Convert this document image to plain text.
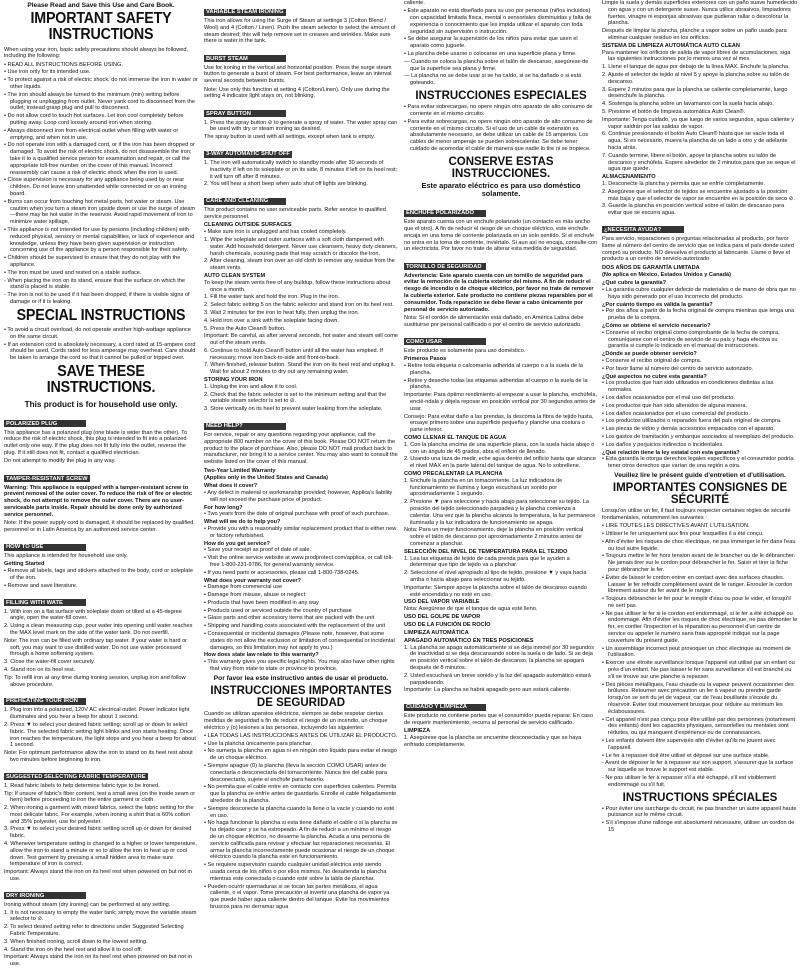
Please Read and Save this Use and Care Book.
IMPORTANT SAFETY INSTRUCTIONS
When using your iron, basic safety precautions should always be followed, including the following:
• READ ALL INSTRUCTIONS BEFORE USING.
• Use iron only for its intended use.
• To protect against a risk of electric shock, do not immerse the iron in water or other liquids.
• The iron should always be turned to the minimum (min) setting before plugging or unplugging from outlet. Never yank cord to disconnect from the outlet; instead grasp plug and pull to disconnect.
• Do not allow cord to touch hot surfaces. Let iron cool completely before putting away. Loop cord loosely around iron when storing.
• Always disconnect iron from electrical outlet when filling with water or emptying, and when not in use.
• Do not operate iron with a damaged cord, or if the iron has been dropped or damaged. To avoid the risk of electric shock, do not disassemble the iron; take it to a qualified service person for examination and repair, or call the appropriate toll-free number on the cover of this manual. Incorrect reassembly can cause a risk of electric shock when the iron is used.
• Close supervision is necessary for any appliance being used by or near children. Do not leave iron unattended while connected or on an ironing board.
• Burns can occur from touching hot metal parts, hot water or steam. Use caution when you turn a steam iron upside down or use the surge of steam—there may be hot water in the reservoir. Avoid rapid movement of iron to minimize water spillage.
• This appliance is not intended for use by persons (including children) with reduced physical, sensory or mental capabilities, or lack of experience and knowledge, unless they have been given supervision or instruction concerning use of the appliance by a person responsible for their safety.
• Children should be supervised to ensure that they do not play with the appliance.
• The iron must be used and rested on a stable surface.
- When placing the iron on its stand, ensure that the surface on which the stand is placed is stable.
- The iron is not to be used if it has been dropped, if there is visible signs of damage or if it is leaking.
SPECIAL INSTRUCTIONS
• To avoid a circuit overload, do not operate another high-wattage appliance on the same circuit.
• If an extension cord is absolutely necessary, a cord rated at 15-ampere cord should be used. Cords rated for less amperage may overheat. Care should be taken to arrange the cord so that it cannot be pulled or tripped over.
SAVE THESE INSTRUCTIONS.
This product is for household use only.
POLARIZED PLUG
This appliance has a polarized plug (one blade is wider than the other). To reduce the risk of electric shock, this plug is intended to fit into a polarized outlet only one way. If the plug does not fit fully into the outlet, reverse the plug. If it still does not fit, contact a qualified electrician.
Do not attempt to modify the plug in any way.
TAMPER-RESISTANT SCREW
Warning: This appliance is equipped with a tamper-resistant screw to prevent removal of the outer cover. To reduce the risk of fire or electric shock, do not attempt to remove the outer cover. There are no user-serviceable parts inside. Repair should be done only by authorized service personnel.
Note: If the power supply cord is damaged, it should be replaced by qualified personnel or in Latin America by an authorized service center.
HOW TO USE
This appliance is intended for household use only.
Getting Started
• Remove all labels, tags and stickers attached to the body, cord or soleplate of the iron.
• Remove and save literature.
FILLING WITH WATE
1. With iron on a flat surface with soleplate down or tilted at a 45-degree angle, open the water-fill cover.
2. Using a clean measuring cup, pour water into opening until water reaches the MAX level mark on the side of the water tank. Do not overfill.
Note: The iron can be filled with ordinary tap water. If your water is hard or soft, you may want to use distilled water. Do not use water processed through a home softening system.
3. Close the water-fill cover securely.
4. Stand iron on its heel rest.
Tip: To refill iron at any time during ironing session, unplug iron and follow above procedure.
PREHEATING YOUR IRON
1. Plug iron into a polarized, 120V AC electrical outlet. Power indicator light illuminates and you hear a beep for about 1 second.
2. Press ▼ to select your desired fabric setting; scroll up or down to select fabric. The selected fabric setting light blinks and iron starts heating. Once iron reaches the temperature, the light stops and you hear a beep for about 1 second.
Note: For optimum performance allow the iron to stand on its heel rest about two minutes before beginning to iron.
SUGGESTED SELECTING FABRIC TEMPERATURE
1. Read fabric labels to help determine fabric type to be ironed.
Tip: If unsure of fabric's fiber content, test a small area (on the inside seam or hem) before proceeding to iron the entire garment or cloth.
2. When ironing a garment with mixed fabrics, select the fabric setting for the most delicate fabric. For example, when ironing a shirt that is 60% cotton and 35% polyester, use for polyester.
3. Press ▼ to select your desired fabric setting scroll up or down for desired fabric.
4. Whenever temperature setting is changed to a higher or lower temperature, allow the iron to stand a minute or so to allow the iron to heat up or cool down. Test garment by pressing a small hidden area to make sure temperature of iron is correct.
Important: Always stand the iron on its heel rest when powered on but not in use.
DRY IRONING
Ironing without steam (dry ironing) can be performed at any setting.
1. It is not necessary to empty the water tank; simply move the variable steam selector to ⊘.
2. To select desired setting refer to directions under Suggested Selecting Fabric Temperature.
3. When finished ironing, scroll down to the lowest setting.
4. Stand the iron on the heel rest and allow it to cool off.
Important: Always stand the iron on its heel rest when powered on but not in use.
VARIABLE STEAM IRONING
This iron allows for using the Surge of Steam at settings 3 (Cotton Blend / Wool) and 4 (Cotton / Linen). Push the steam selector to select the amount of steam desired; this will help remove set in creases and wrinkles. Make sure there is water in the tank.
BURST STEAM
Use for ironing in the vertical and horizontal position. Press the surge steam button to generate a burst of steam. For best performance, leave an interval several seconds between bursts.
Note: Use only this function at setting 4 (Cotton/Linen). Only use during the setting 4 indicator light stays on, not blinking.
SPRAY BUTTON
1. Press the spray button ⊘ to generate a spray of water. The water spray can be used with dry or steam ironing as desired.
The spray button is used with all settings, except when tank is empty.
3-WAY AUTOMATIC SHUT OFF
1. The iron will automatically switch to standby mode after 30 seconds of inactivity if left on its soleplate or on its side, 8 minutes if left on its heel rest; it will turn off after 8 minutes.
2. You will hear a short beep when auto shut off lights are blinking.
CARE AND CLEANING
This product contains no user serviceable parts. Refer service to qualified service personnel.
CLEANING OUTSIDE SURFACES
• Make sure iron is unplugged and has cooled completely.
1. Wipe the soleplate and outer surfaces with a soft cloth dampened with water. Add household detergent. Never use cleansers, heavy duty cleaners, harsh chemicals, scouring pads that may scratch or discolor the iron.
2. After cleaning, steam iron over an old cloth to remove any residue from the steam vents.
AUTO CLEAN SYSTEM
To keep the steam vents free of any buildup, follow these instructions about once a month.
1. Fill the water tank and hold the iron. Plug in the iron.
2. Select fabric setting 5 on the fabric selector and stand iron on its heel rest.
3. Wait 2 minutes for the iron to heat fully, then unplug the iron.
4. Hold iron over a sink with the soleplate facing down.
5. Press the Auto Clean® button.
Important: Be careful, as after several seconds, hot water and steam will come out of the steam vents.
6. Continue to hold Auto Clean® button until all the water has emptied. If necessary, move iron back-to-side and front-to-back.
7. When finished, release button. Stand the iron on its heel rest and unplug it. Wait for about 2 minutes to dry out any remaining water.
STORING YOUR IRON
1. Unplug the iron and allow it to cool.
2. Check that the fabric selector is set to the minimum setting and that the variable steam selector is set to ⊘.
3. Store vertically on its heel to prevent water leaking from the soleplate.
NEED HELP?
For service, repair or any questions regarding your appliance, call the appropriate 800 number on the cover of this book. Please DO NOT return the product to the place of purchase. Also, please DO NOT mail product back to manufacturer, nor bring it to a service center. You may also want to consult the website listed on the cover of this manual.
Two-Year Limited Warranty
(Applies only in the United States and Canada)
What does it cover?
• Any defect in material or workmanship provided; however, Applica's liability will not exceed the purchase price of product.
For how long?
• Two years from the date of original purchase with proof of such purchase.
What will we do to help you?
• Provide you with a reasonably similar replacement product that is either new or factory refurbished.
How do you get service?
• Save your receipt as proof of date of sale.
• Visit the online service website at www.prodprotect.com/applica, or call toll-free 1-800-231-9786, for general warranty service.
• If you need parts or accessories, please call 1-800-738-0245.
What does your warranty not cover?
• Damage from commercial use
• Damage from misuse, abuse or neglect
• Products that have been modified in any way
• Products used or serviced outside the country of purchase
• Glass parts and other accessory items that are packed with the unit
• Shipping and handling costs associated with the replacement of the unit
• Consequential or incidental damages (Please note, however, that some states do not allow the exclusion or limitation of consequential or incidental damages, so this limitation may not apply to you.)
How does state law relate to this warranty?
• This warranty gives you specific legal rights. You may also have other rights that vary from state to state or province to province.
Por favor lea este instructivo antes de usar el producto.
INSTRUCCIONES IMPORTANTES DE SEGURIDAD
Cuando se utilizan aparatos eléctricos, siempre se debe respetar ciertas medidas de seguridad a fin de reducir el riesgo de un incendio, un choque eléctrico y (o) lesiones a las personas, incluyendo las siguientes:
• LEA TODAS LAS INSTRUCCIONES ANTES DE UTILIZAR EL PRODUCTO.
• Use la plancha únicamente para planchar.
• No sumerja la plancha en agua ni en ningún otro líquido para evitar el riesgo de un choque eléctrico.
• Siempre apague (0) la plancha (lleva la sección COMO USAR) antes de conectarla o desconectarla del tomacorriente. Nunca tire del cable para desconectarlo, sujete el enchufe para hacerlo.
• No permita que el cable entre en contacto con superficies calientes. Permita que la plancha se enfríe antes de guardarla. Enrolle el cable holgadamente alrededor de la plancha.
• Siempre desconecte la plancha cuando la llene o la vacíe y cuando no esté en uso.
• No haga funcionar la plancha si esta tiene dañado el cable o si la plancha se ha dejado caer y se ha estropeado. A fin de reducir a un mínimo el riesgo de un choque eléctrico, no desarme la plancha. Acuda a una persona de servicio calificada para revisar y efectuar las reparaciones necesarias. El armar la plancha incorrectamente puede ocasionar el riesgo de un choque eléctrico cuando la plancha este en funcionamiento.
• Se requiere supervisión cuando cualquier unidad eléctrica esté siendo usada cerca de los niños o por ellos mismos. No desatienda la plancha mientras este conectada o cuando esté sobre la tabla de planchar.
• Pueden ocurrir quemaduras si se tocan las partes metálicas, el agua caliente, o el vapor. Tome precaución al invertir una plancha de vapor ya que puede haber agua caliente dentro del tanque. Evite los movimientos bruscos para no derramar agua
caliente.
• Este aparato no está diseñado para su uso por personas (niños incluidos) con capacidad limitada física, mental o sensoriales disminuidas y falta de experiencia o conocimiento que les impida utilizar el aparato con toda seguridad sin supervisión o instrucción.
• Se debe asegurar la supervisión de los niños para evitar que usen el aparato como juguete.
• La plancha debe usarse o colocarse en una superficie plana y firme.
— Cuando se coloca la plancha sobre el talón de descanso, asegúrese de que la superficie sea plana y firme.
— La plancha no se debe usar si se ha caído, si se ha dañado o si está goteando.
INSTRUCCIONES ESPECIALES
• Para evitar sobrecargas, no opere ningún otro aparato de alto consumo de corriente en el mismo circuito.
• Para evitar sobrecargas, no opere ningún otro aparato de alto consumo de corriente en el mismo circuito. Si el uso de un cable de extensión es absolutamente necesario, se debe utilizar un cable de 15 amperios. Los cables de menor amperaje se pueden sobrecalentar. Se debe tener cuidado de acomodar el cable de manera que nadie lo tire ni se tropiece.
CONSERVE ESTAS INSTRUCCIONES.
Este aparato eléctrico es para uso doméstico solamente.
ENCHUFE POLARIZADO
Este aparato cuenta con un enchufe polarizado (un contacto es más ancho que el otro). A fin de reducir el riesgo de un choque eléctrico, este enchufe encaja en una toma de corriente polarizada en un solo sentido. Si el enchufe no entra en la toma de corriente, inviértalo. Si aun así no encaja, consulte con un electricista. Por favor no trate de alterar esta medida de seguridad.
TORNILLO DE SEGURIDAD
Advertencia: Este aparato cuenta con un tornillo de seguridad para evitar la remoción de la cubierta exterior del mismo. A fin de reducir el riesgo de incendio o de choque eléctrico, por favor no trate de remover la cubierta exterior. Este producto no contiene piezas reparables por el consumidor. Toda reparación se debe llevar a cabo únicamente por personal de servicio autorizado.
Nota: Si el cordón de alimentación está dañado, en América Latina debe sustituirse por personal calificado o por el centro de servicio autorizado.
COMO USAR
Este producto es solamente para uso doméstico.
Primeros Pasos
• Retire toda etiqueta o calcomanía adherida al cuerpo o a la suela de la plancha.
• Retire y deseche todas las etiquetas adheridas al cuerpo o la suela de la plancha.
Importante: Para óptimo rendimiento al empezar a usar la plancha, enchúfela, encié-ndala y déjela reposar en posición vertical por 30 segundos antes de usar.
Consejo: Para evitar daño a las prendas, la descoma la fibra de tejido hasta, ensaye primero sobre una superficie pequeña y planche una costura o parte inferior.
COMO LLENAR EL TANQUE DE AGUA
1. Con la plancha encima de una superficie plana, con la suela hacia abajo o con un ángulo de 45 grados, abra el orificio de llenado.
2. Usando una taza de medir, eche agua dentro del orificio hasta que alcance el nivel MAX en la parte lateral del tanque de agua. No lo sobrellene.
COMO PRECALENTAR LA PLANCHA
1. Enchufe la plancha en un tomacorriente. La luz indicadora de funcionamiento se ilumina y luego escuchará un sonido por aproximadamente 1 segundo.
2. Presione ▼ para seleccione y hacia abajo para seleccionar su tejido. La posición del tejido seleccionado parpadea y la plancha comienza a calentar. Una vez que la plancha alcanza la temperatura, la luz permanece iluminada y la luz indicadora de funcionamiento se apaga.
Nota: Para un mejor funcionamiento, deje la plancha en posición vertical sobre el talón de descanso por aproximadamente 2 minutos antes de comenzar a planchar.
SELECCIÓN DEL NIVEL DE TEMPERATURA PARA EL TEJIDO
1. Lea las etiquetas de tejido de cada prenda para que le ayuden a determinar que tipo de tejido va a planchar.
2. Seleccione el nivel apropiado al tipo de tejido, presione ▼ y vaya hacia arriba o hacia abajo para seleccionar su tejido.
Importante: Siempre apoye la plancha sobre el talón de descanso cuando esté encendida y no esté en uso.
USO DEL VAPOR VARIABLE
Nota: Asegúrese de que el tanque de agua esté lleno.
USO DEL GOLPE DE VAPOR
USO DE LA FUNCIÓN DE ROCÍO
LIMPIEZA AUTOMÁTICA
APAGADO AUTOMÁTICO EN TRES POSICIONES
1. La plancha se apaga automáticamente si se deja inmóvil por 30 segundos de inactividad si se deja descansando sobre la suela o de lado. Si se deja en posición vertical sobre el talón de descanso, la plancha se apagará después de 8 minutos.
2. Usted escuchará un breve sonido y la luz del apagado automático estará parpadeando.
Importante: La plancha se habrá apagado pero aun estará caliente.
CUIDADO Y LIMPIEZA
Este producto no contiene partes que el consumidor pueda reparar. En caso de requerir mantenimiento, recurra al personal de servicio calificado.
LIMPIEZA
1. Asegúrese que la plancha se encuentre desconectada y que se haya enfriado completamente.
Limpie la suela y demás superficies exteriores con un paño suave humedecido con agua y con un detergente suave. Nunca utilice abrasivos, limpiadores fuertes, vinagre ni esponjas abrasivas que pudieran rallar o descolorar la plancha.
Después de limpiar la plancha, planche a vapor sobre un paño usado para eliminar cualquier residuo en los orificios.
SISTEMA DE LIMPIEZA AUTOMÁTICA AUTO CLEAN
Para mantener los orificios de salida de vapor libres de acumulaciones, siga las siguientes instrucciones por lo menos una vez al mes.
1. Llene el tanque de agua por debajo de la línea MAX. Enchufe la plancha.
2. Ajuste el selector de tejido al nivel 5 y apoye la plancha sobre su talón de descanso.
3. Espere 2 minutos para que la plancha se caliente completamente, luego desenchufe la plancha.
4. Sostenga la plancha sobre un lavamanos con la suela hacia abajo.
5. Presione el botón de limpieza automática Auto Clean®.
Importante: Tenga cuidado, ya que luego de varios segundos, agua caliente y vapor saldrán por las salidas de vapor.
6. Continue presionando el botón Auto Clean® hasta que se vacíe toda el agua. Si es necesario, mueva la plancha de un lado a otro y de adelante hacia atrás.
7. Cuando termine, libere el botón, apoye la plancha sobre su talón de descanso y enchúfela. Espere alrededor de 2 minutos para que se seque el agua que quede.
ALMACENAMIENTO
1. Desconecte la plancha y permita que se enfríe completamente.
2. Asegúrese que el selector de tejidos se encuentre ajustado a la posición más baja y que el selector de vapor se encuentre en la posición de seco ⊘.
3. Guarde la plancha en posición vertical sobre el talón de descanso para evitar que se escurra agua.
¿NECESITA AYUDA?
Para servicio, reparaciones o preguntas relacionadas al producto, por favor llame al número del centro de servicio que se indica para el país donde usted compró su producto. NO devuelva el producto al fabricante. Llame o lleve el producto a un centro de servicio autorizado.
DOS AÑOS DE GARANTÍA LIMITADA
(No aplica en México, Estados Unidos y Canadá)
¿Qué cubre la garantía?
• La garantía cubre cualquier defecto de materiales o de mano de obra que no haya sido generado por el uso incorrecto del producto.
¿Por cuánto tiempo es válida la garantía?
• Por dos años a partir de la fecha original de compra mientras que tenga una prueba de la compra.
¿Cómo se obtiene el servicio necesario?
• Conserve el recibo original como comprobante de la fecha de compra, comuníquese con el centro de servicio de su país y haga efectiva su garantía si cumple lo indicado en el manual de instrucciones.
¿Dónde se puede obtener servicio?
• Conserve el recibo original de compra.
• Por favor llame al número del centro de servicio autorizado.
¿Qué aspectos no cubre esta garantía?
• Los productos que han sido utilizados en condiciones distintas a las normales.
• Los daños ocasionados por el mal uso del producto.
• Los productos que han sido alterados de alguna manera.
• Los daños ocasionados por el uso comercial del producto.
• Los productos utilizados o reparados fuera del país original de compra.
• Las piezas de vidrio y demás accesorios empacados con el aparato.
• Los gastos de tramitación y embarque asociados al reemplazo del producto.
• Los daños y perjuicios indirectos o incidentales.
¿Qué relación tiene la ley estatal con esta garantía?
• Esta garantía le otorga derechos legales específicos y el consumidor podría tener otros derechos que varían de una región a otra.
Veuillez lire le présent guide d'entretien et d'utilisation.
IMPORTANTES CONSIGNES DE SÉCURITÉ
Lorsqu'on utilise un fer, il faut toujours respecter certaines règles de sécurité fondamentales, notamment les suivantes :
• LIRE TOUTES LES DIRECTIVES AVANT L'UTILISATION.
• Utiliser le fer uniquement aux fins pour lesquelles il a été conçu.
• Afin d'éviter les risques de choc électrique, ne pas immerger le fer dans l'eau ou tout autre liquide.
• Toujours mettre le fer hors tension avant de le brancher ou de le débrancher. Ne jamais tirer sur le cordon pour débrancher le fer. Saisir et tirer la fiche pour débrancher le fer.
• Éviter de laisser le cordon entrer en contact avec des surfaces chaudes. Laisser le fer refroidir complètement avant de le ranger. Enrouler le cordon librement autour du fer avant de le ranger.
• Toujours débrancher le fer pour le remplir d'eau ou pour le vider, et lorsqu'il ne sert pas.
• Ne pas utiliser le fer si le cordon est endommagé, si le fer a été échappé ou endommagé. Afin d'éviter les risques de choc électrique, ne pas démonter le fer, en confier l'inspection et la réparation au personnel d'un centre de service ou appeler le numéro sans frais approprié indiqué sur la page couverture du présent guide.
• Un assemblage incorrect peut provoquer un choc électrique au moment de l'utilisation.
• Exercer une étroite surveillance lorsque l'appareil est utilisé par un enfant ou près d'un enfant. Ne pas laisser le fer sans surveillance s'il est branché ou s'il se trouve sur une planche à repasser.
• Des pièces métalliques, l'eau chaude ou la vapeur peuvent occasionner des brûlures. Retourner avec précaution un fer à vapeur ou prendre garde lorsqu'on se sert du jet de vapeur, car de l'eau bouillante s'écoule du réservoir. Éviter tout mouvement brusque pour réduire au minimum les éclaboussures.
• Cet appareil n'est pas conçu pour être utilisé par des personnes (notamment des enfants) dont les capacités physiques, sensorielles ou mentales sont réduites, ou qui manquent d'expérience ou de connaissances.
• Les enfants doivent être supervisés afin d'éviter qu'ils ne jouent avec l'appareil.
• Le fer à repasser doit être utilisé et déposé sur une surface stable.
- Avant de déposer le fer à repasser sur son support, s'assurer que la surface sur laquelle se trouve le support est stable.
- Ne pas utiliser le fer à repasser s'il a été échappé, s'il est visiblement endommagé ou s'il fuit.
INSTRUCTIONS SPÉCIALES
• Pour éviter une surcharge du circuit, ne pas brancher un autre appareil haute puissance sur le même circuit.
• S'il s'impose d'une rallonge est absolument nécessaire, utiliser un cordon de 15
